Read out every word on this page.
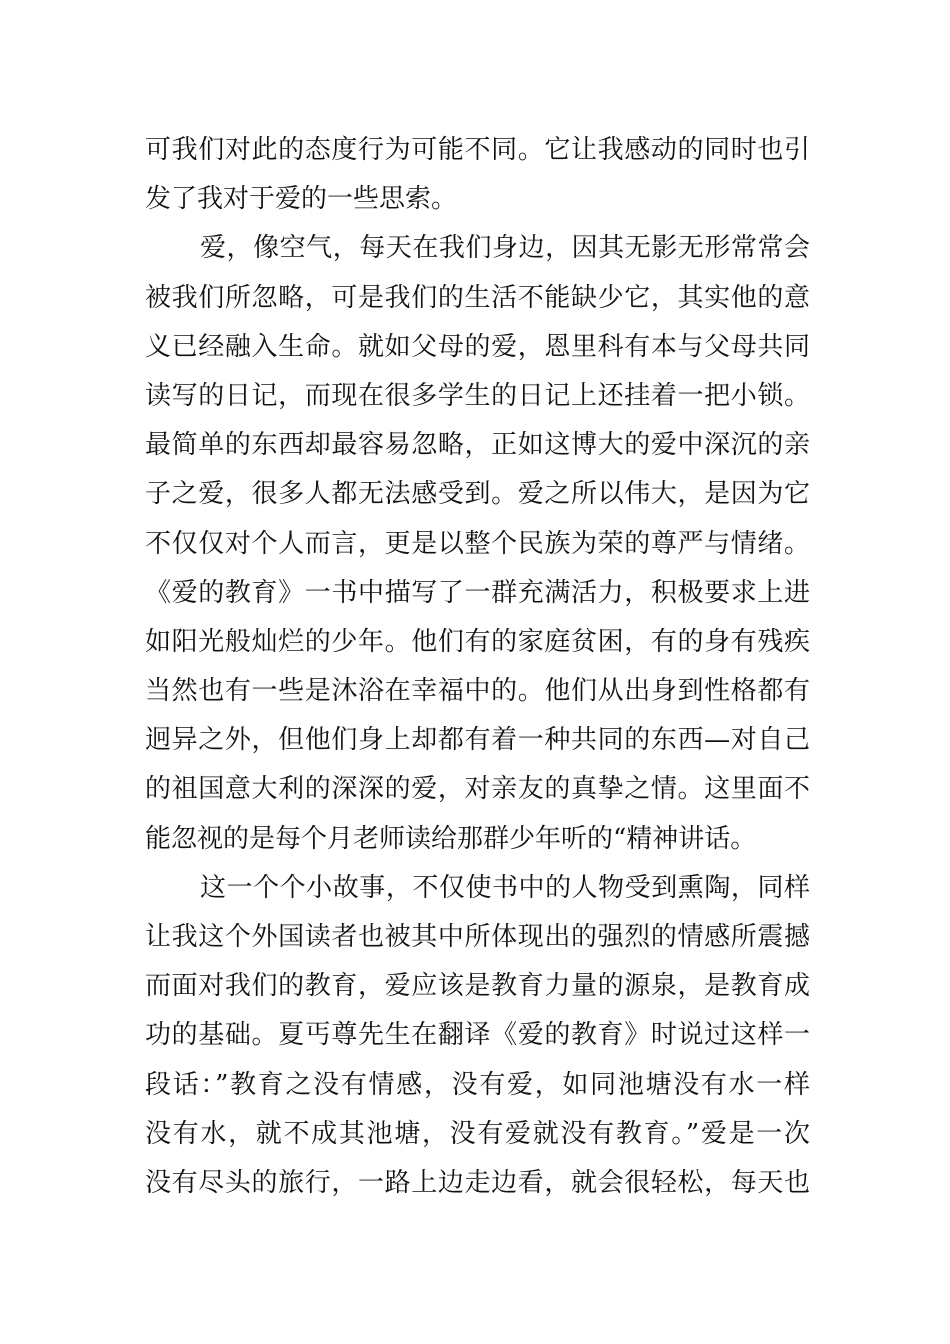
可我们对此的态度行为可能不同。它让我感动的同时也引
发了我对于爱的一些思索。
爱，像空气，每天在我们身边，因其无影无形常常会
被我们所忽略，可是我们的生活不能缺少它，其实他的意
义已经融入生命。就如父母的爱，恩里科有本与父母共同
读写的日记，而现在很多学生的日记上还挂着一把小锁。
最简单的东西却最容易忽略，正如这博大的爱中深沉的亲
子之爱，很多人都无法感受到。爱之所以伟大，是因为它
不仅仅对个人而言，更是以整个民族为荣的尊严与情绪。
《爱的教育》一书中描写了一群充满活力，积极要求上进
如阳光般灿烂的少年。他们有的家庭贫困，有的身有残疾
当然也有一些是沐浴在幸福中的。他们从出身到性格都有
迥异之外，但他们身上却都有着一种共同的东西—对自己
的祖国意大利的深深的爱，对亲友的真挚之情。这里面不
能忽视的是每个月老师读给那群少年听的“精神讲话。
这一个个小故事，不仅使书中的人物受到熏陶，同样
让我这个外国读者也被其中所体现出的强烈的情感所震撼
而面对我们的教育，爱应该是教育力量的源泉，是教育成
功的基础。夏丐尊先生在翻译《爱的教育》时说过这样一
段话：”教育之没有情感，没有爱，如同池塘没有水一样
没有水，就不成其池塘，没有爱就没有教育。”爱是一次
没有尽头的旅行，一路上边走边看，就会很轻松，每天也
